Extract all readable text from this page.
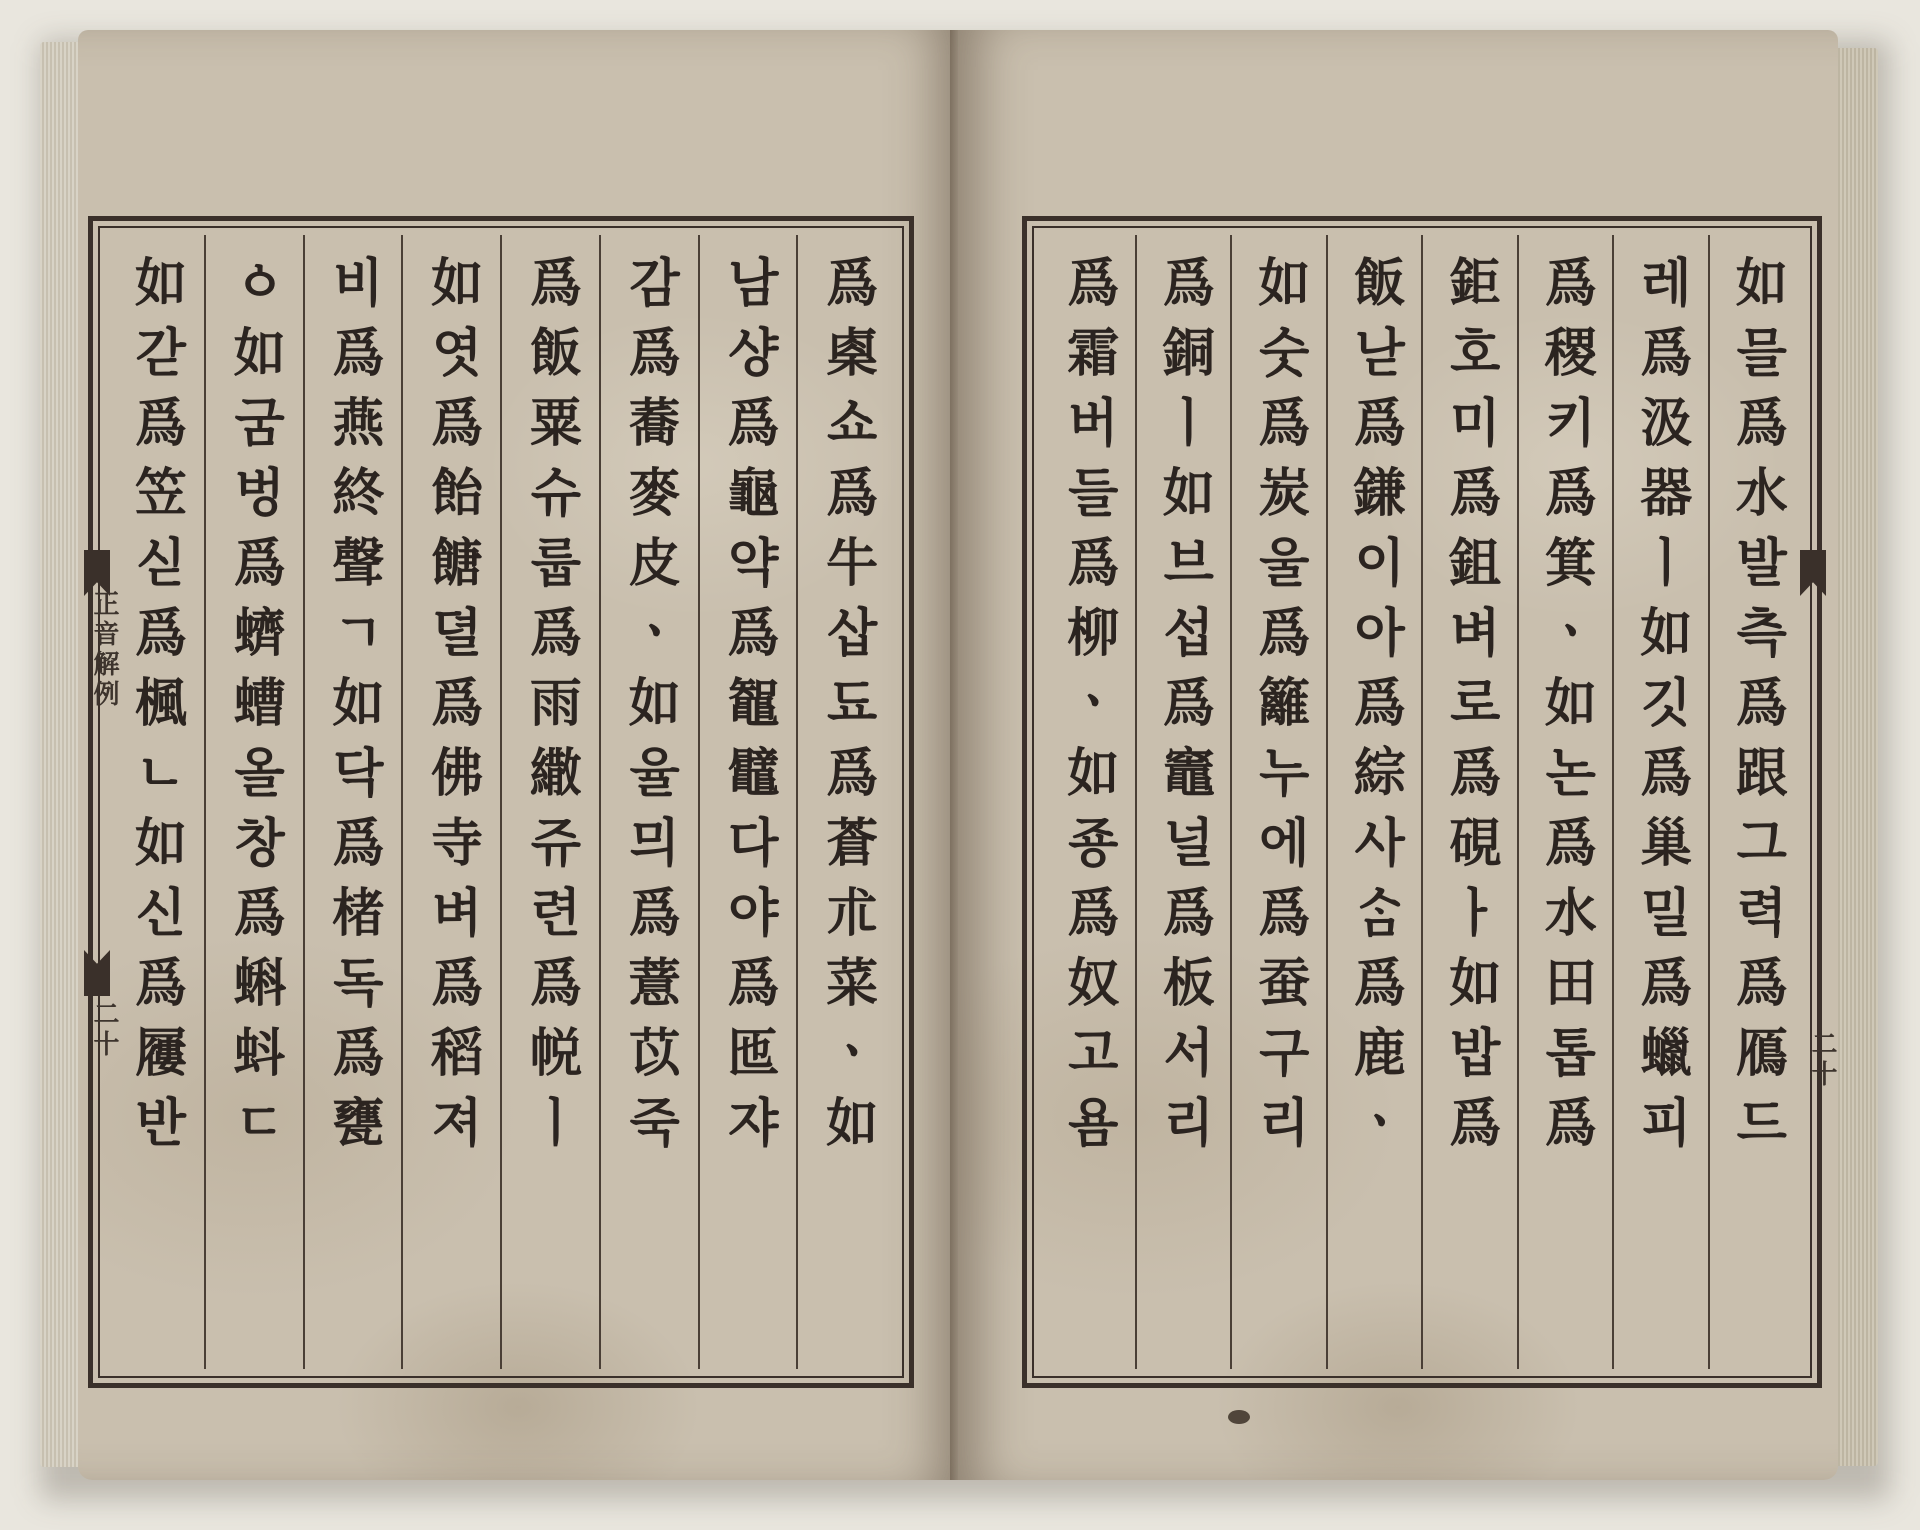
爲㮚쇼爲牛삽됴爲蒼朮菜ㆍ如
남샹爲龜약爲鼅鼊다야爲匜쟈
감爲蕎麥皮ㆍ如율믜爲薏苡죽
爲飯粟슈룹爲雨繖쥬련爲帨ㅣ
如엿爲飴餹뎔爲佛寺벼爲稻져
비爲燕終聲ㄱ如닥爲楮독爲甕
ㆁ如굼벙爲蠐螬올창爲蝌蚪ㄷ
如갇爲笠싣爲楓ㄴ如신爲屨반
正音解例
二十	如믈爲水발측爲跟그력爲鴈드
레爲汲器ㅣ如깃爲巢밀爲蠟피
爲稷키爲箕ㆍ如논爲水田톱爲
鉅호미爲鉏벼로爲硯ㅏ如밥爲
飯낟爲鎌이아爲綜사ᄉᆞᆷ爲鹿ㆍ
如숫爲炭울爲籬누에爲蚕구리
爲銅ㅣ如브섭爲竈널爲板서리
爲霜버들爲柳ㆍ如죵爲奴고욤	二十
